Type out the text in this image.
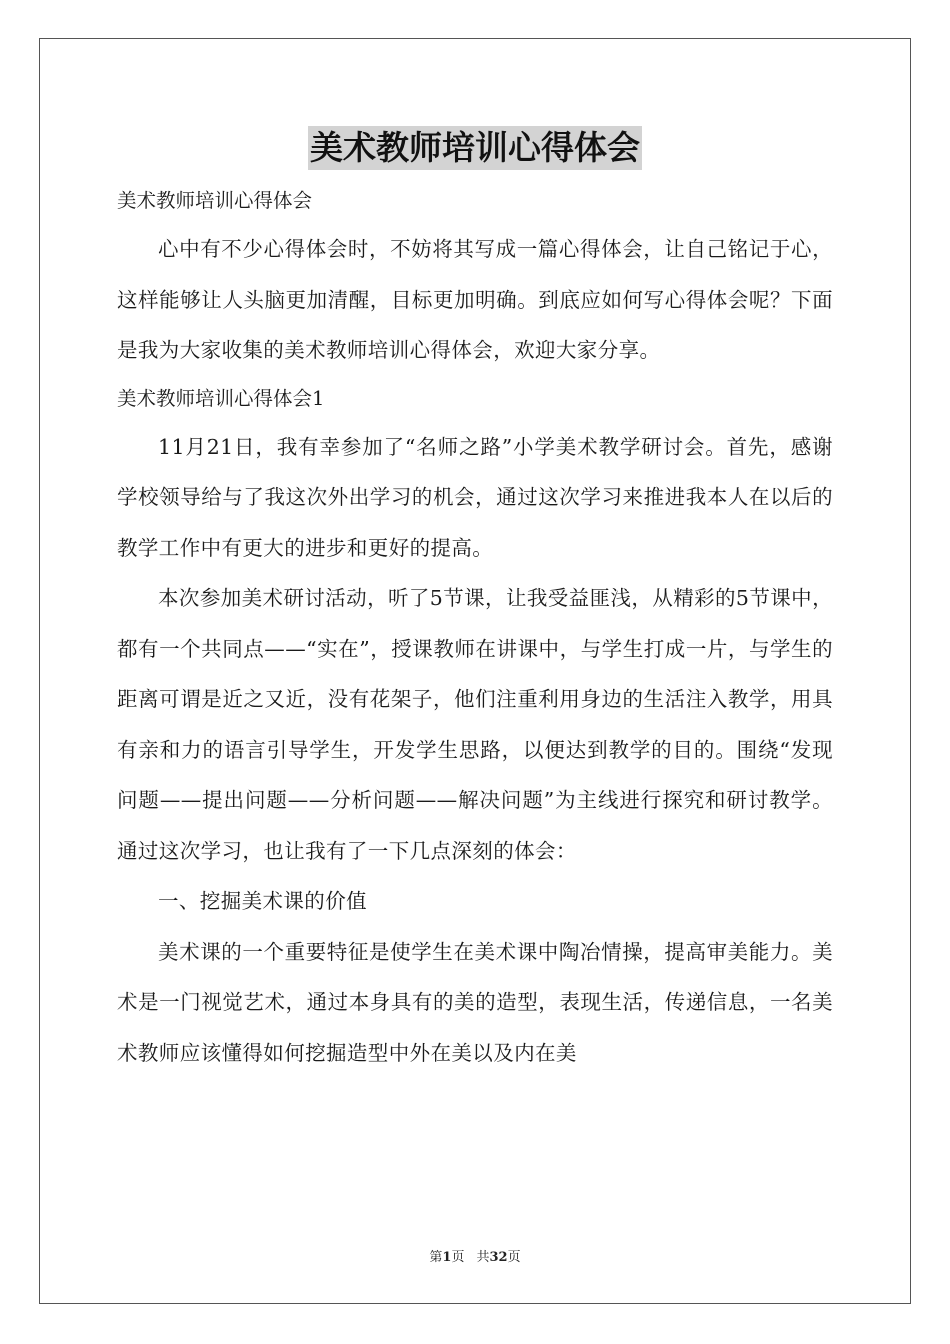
美术教师培训心得体会

美术教师培训心得体会

心中有不少心得体会时，不妨将其写成一篇心得体会，让自己铭记于心，这样能够让人头脑更加清醒，目标更加明确。到底应如何写心得体会呢？下面是我为大家收集的美术教师培训心得体会，欢迎大家分享。

美术教师培训心得体会1

11月21日，我有幸参加了“名师之路”小学美术教学研讨会。首先，感谢学校领导给与了我这次外出学习的机会，通过这次学习来推进我本人在以后的教学工作中有更大的进步和更好的提高。

本次参加美术研讨活动，听了5节课，让我受益匪浅，从精彩的5节课中，都有一个共同点——“实在”，授课教师在讲课中，与学生打成一片，与学生的距离可谓是近之又近，没有花架子，他们注重利用身边的生活注入教学，用具有亲和力的语言引导学生，开发学生思路，以便达到教学的目的。围绕“发现问题——提出问题——分析问题——解决问题”为主线进行探究和研讨教学。通过这次学习，也让我有了一下几点深刻的体会：

一、挖掘美术课的价值

美术课的一个重要特征是使学生在美术课中陶冶情操，提高审美能力。美术是一门视觉艺术，通过本身具有的美的造型，表现生活，传递信息，一名美术教师应该懂得如何挖掘造型中外在美以及内在美

第1页 共32页
